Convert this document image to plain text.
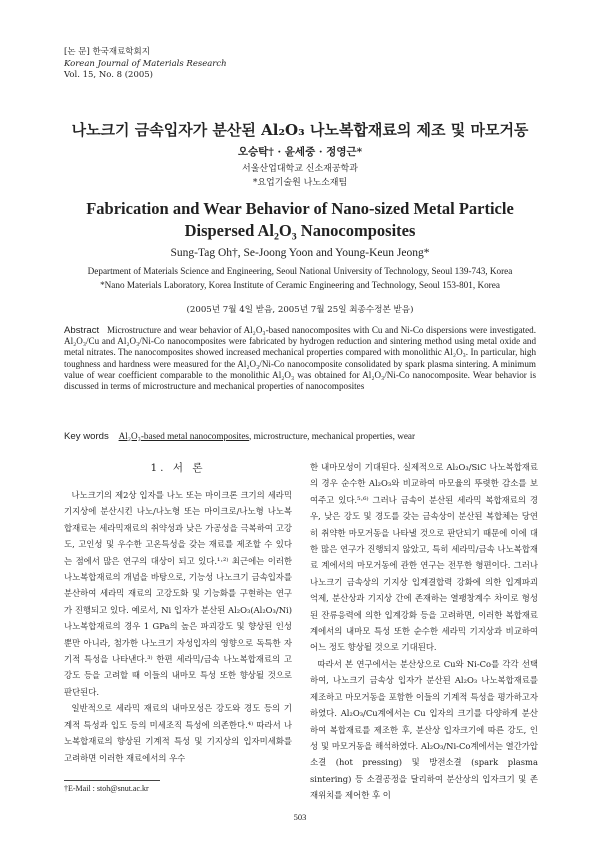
[논 문] 한국재료학회지
Korean Journal of Materials Research
Vol. 15, No. 8 (2005)
나노크기 금속입자가 분산된 Al₂O₃ 나노복합재료의 제조 및 마모거동
오승탁† · 윤세중 · 정영근*
서울산업대학교 신소재공학과
*요업기술원 나노소재팀
Fabrication and Wear Behavior of Nano-sized Metal Particle
Dispersed Al₂O₃ Nanocomposites
Sung-Tag Oh†, Se-Joong Yoon and Young-Keun Jeong*
Department of Materials Science and Engineering, Seoul National University of Technology, Seoul 139-743, Korea
*Nano Materials Laboratory, Korea Institute of Ceramic Engineering and Technology, Seoul 153-801, Korea
(2005년 7월 4일 받음, 2005년 7월 25일 최종수정본 받음)
Abstract Microstructure and wear behavior of Al₂O₃-based nanocomposites with Cu and Ni-Co dispersions were investigated. Al₂O₃/Cu and Al₂O₃/Ni-Co nanocomposites were fabricated by hydrogen reduction and sintering method using metal oxide and metal nitrates. The nanocomposites showed increased mechanical properties compared with monolithic Al₂O₃. In particular, high toughness and hardness were measured for the Al₂O₃/Ni-Co nanocomposite consolidated by spark plasma sintering. A minimum value of wear coefficient comparable to the monolithic Al₂O₃ was obtained for Al₂O₃/Ni-Co nanocomposite. Wear behavior is discussed in terms of microstructure and mechanical properties of nanocomposites
Key words Al₂O₃-based metal nanocomposites, microstructure, mechanical properties, wear
1. 서 론

나노크기의 제2상 입자를 나노 또는 마이크론 크기의 세라믹 기지상에 분산시킨 나노/나노형 또는 마이크로/나노형 나노복합재료는 세라믹재료의 취약성과 낮은 가공성을 극복하여 고강도, 고인성 및 우수한 고온특성을 갖는 재료를 제조할 수 있다는 점에서 많은 연구의 대상이 되고 있다.¹·²⁾ 최근에는 이러한 나노복합재료의 개념을 바탕으로, 기능성 나노크기 금속입자를 분산하여 세라믹 재료의 고강도화 및 기능화를 구현하는 연구가 진행되고 있다. 예로서, Ni 입자가 분산된 Al₂O₃(Al₂O₃/Ni) 나노복합재료의 경우 1 GPa의 높은 파괴강도 및 향상된 인성뿐만 아니라, 첨가한 나노크기 자성입자의 영향으로 독특한 자기적 특성을 나타낸다.³⁾ 한편 세라믹/금속 나노복합재료의 고강도 등을 고려할 때 이들의 내마모 특성 또한 향상될 것으로 판단된다.

일반적으로 세라믹 재료의 내마모성은 강도와 경도 등의 기계적 특성과 입도 등의 미세조직 특성에 의존한다.⁴⁾ 따라서 나노복합재료의 향상된 기계적 특성 및 기지상의 입자미세화를 고려하면 이러한 재료에서의 우수

한 내마모성이 기대된다. 실제적으로 Al₂O₃/SiC 나노복합재료의 경우 순수한 Al₂O₃와 비교하여 마모율의 뚜렷한 감소를 보여주고 있다.⁵·⁶⁾ 그러나 금속이 분산된 세라믹 복합재료의 경우, 낮은 강도 및 경도를 갖는 금속상이 분산된 복합체는 당연히 취약한 마모거동을 나타낼 것으로 판단되기 때문에 이에 대한 많은 연구가 진행되지 않았고, 특히 세라믹/금속 나노복합재료 계에서의 마모거동에 관한 연구는 전무한 형편이다. 그러나 나노크기 금속상의 기지상 입계결합력 강화에 의한 입계파괴 억제, 분산상과 기지상 간에 존재하는 열팽창계수 차이로 형성된 잔류응력에 의한 입계강화 등을 고려하면, 이러한 복합재료 계에서의 내마모 특성 또한 순수한 세라믹 기지상과 비교하여 어느 정도 향상될 것으로 기대된다.

따라서 본 연구에서는 분산상으로 Cu와 Ni-Co를 각각 선택하여, 나노크기 금속상 입자가 분산된 Al₂O₃ 나노복합재료를 제조하고 마모거동을 포함한 이들의 기계적 특성을 평가하고자 하였다. Al₂O₃/Cu계에서는 Cu 입자의 크기를 다양하게 분산하여 복합재료를 제조한 후, 분산상 입자크기에 따른 강도, 인성 및 마모거동을 해석하였다. Al₂O₃/Ni-Co계에서는 열간가압소결 (hot pressing) 및 방전소결 (spark plasma sintering) 등 소결공정을 달리하여 분산상의 입자크기 및 존재위치를 제어한 후 이

†E-Mail : stoh@snut.ac.kr
503
